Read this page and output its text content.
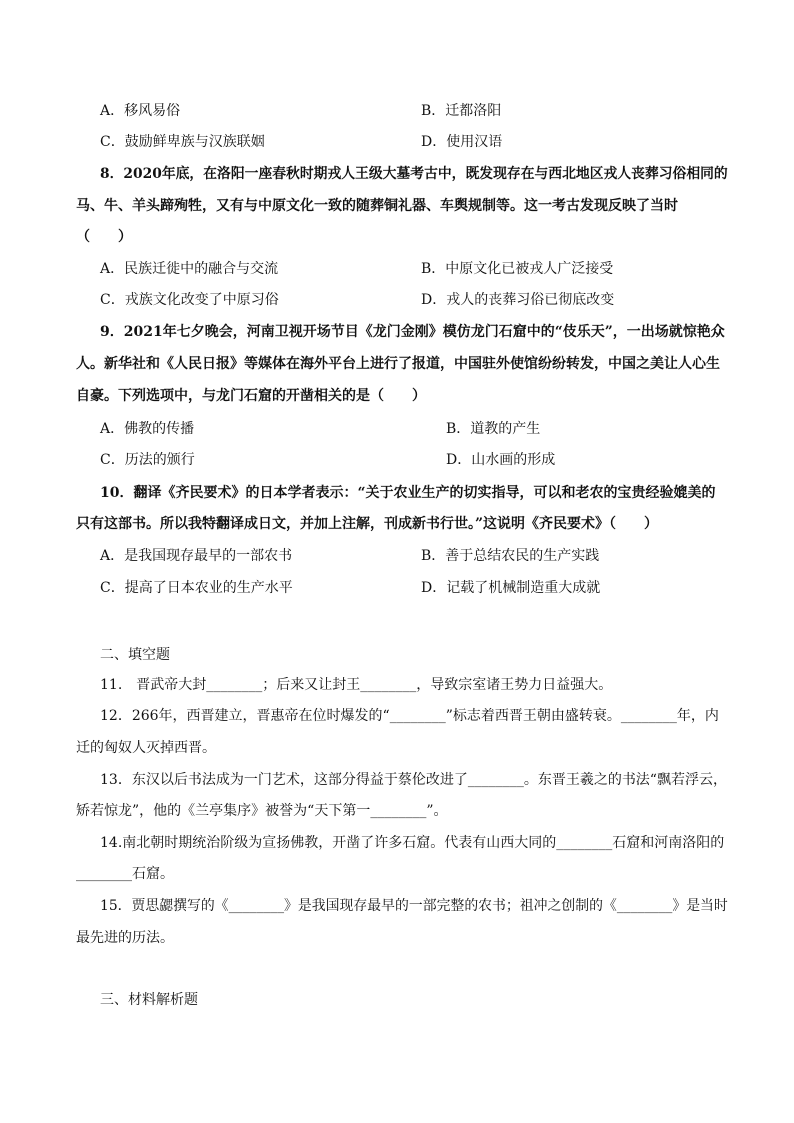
A．移风易俗	B．迁都洛阳
C．鼓励鲜卑族与汉族联姻	D．使用汉语
8．2020年底，在洛阳一座春秋时期戎人王级大墓考古中，既发现存在与西北地区戎人丧葬习俗相同的
马、牛、羊头蹄殉牲，又有与中原文化一致的随葬铜礼器、车舆规制等。这一考古发现反映了当时
（　　）
A．民族迁徙中的融合与交流	B．中原文化已被戎人广泛接受
C．戎族文化改变了中原习俗	D．戎人的丧葬习俗已彻底改变
9．2021年七夕晚会，河南卫视开场节目《龙门金刚》模仿龙门石窟中的“伎乐天”，一出场就惊艳众
人。新华社和《人民日报》等媒体在海外平台上进行了报道，中国驻外使馆纷纷转发，中国之美让人心生
自豪。下列选项中，与龙门石窟的开凿相关的是（　　）
A．佛教的传播	B．道教的产生
C．历法的颁行	D．山水画的形成
10．翻译《齐民要术》的日本学者表示：“关于农业生产的切实指导，可以和老农的宝贵经验媲美的
只有这部书。所以我特翻译成日文，并加上注解，刊成新书行世。”这说明《齐民要术》（　　）
A．是我国现存最早的一部农书	B．善于总结农民的生产实践
C．提高了日本农业的生产水平	D．记载了机械制造重大成就
二、填空题
11.　晋武帝大封________；后来又让封王________，导致宗室诸王势力日益强大。
12．266年，西晋建立，晋惠帝在位时爆发的“________”标志着西晋王朝由盛转衰。________年，内
迁的匈奴人灭掉西晋。
13．东汉以后书法成为一门艺术，这部分得益于蔡伦改进了________。东晋王羲之的书法“飘若浮云，
矫若惊龙”，他的《兰亭集序》被誉为“天下第一________”。
14.南北朝时期统治阶级为宣扬佛教，开凿了许多石窟。代表有山西大同的________石窟和河南洛阳的
________石窟。
15．贾思勰撰写的《________》是我国现存最早的一部完整的农书；祖冲之创制的《________》是当时
最先进的历法。
三、材料解析题
